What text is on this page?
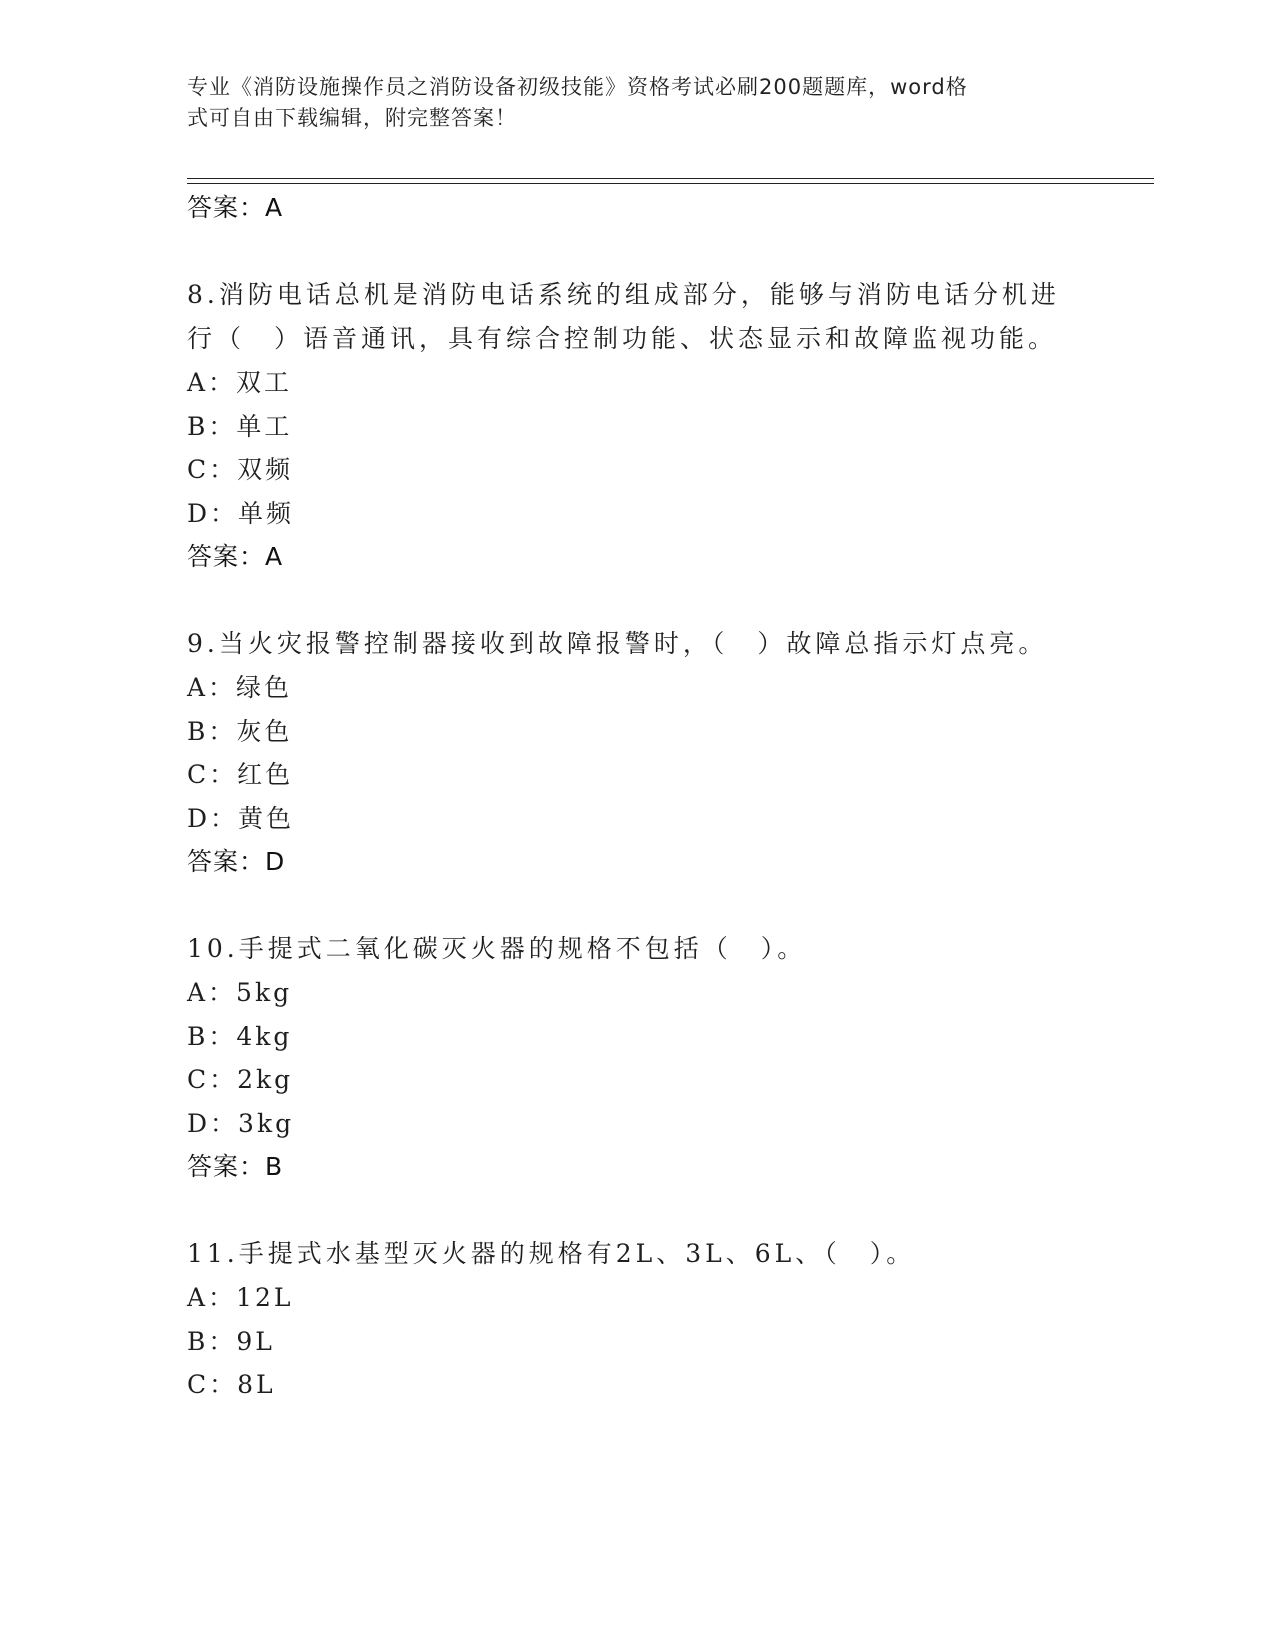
专业《消防设施操作员之消防设备初级技能》资格考试必刷200题题库，word格
式可自由下载编辑，附完整答案！
答案：A
8.消防电话总机是消防电话系统的组成部分，能够与消防电话分机进
行（　）语音通讯，具有综合控制功能、状态显示和故障监视功能。
A：双工
B：单工
C：双频
D：单频
答案：A
9.当火灾报警控制器接收到故障报警时，（　）故障总指示灯点亮。
A：绿色
B：灰色
C：红色
D：黄色
答案：D
10.手提式二氧化碳灭火器的规格不包括（　）。
A：5kg
B：4kg
C：2kg
D：3kg
答案：B
11.手提式水基型灭火器的规格有2L、3L、6L、（　）。
A：12L
B：9L
C：8L
